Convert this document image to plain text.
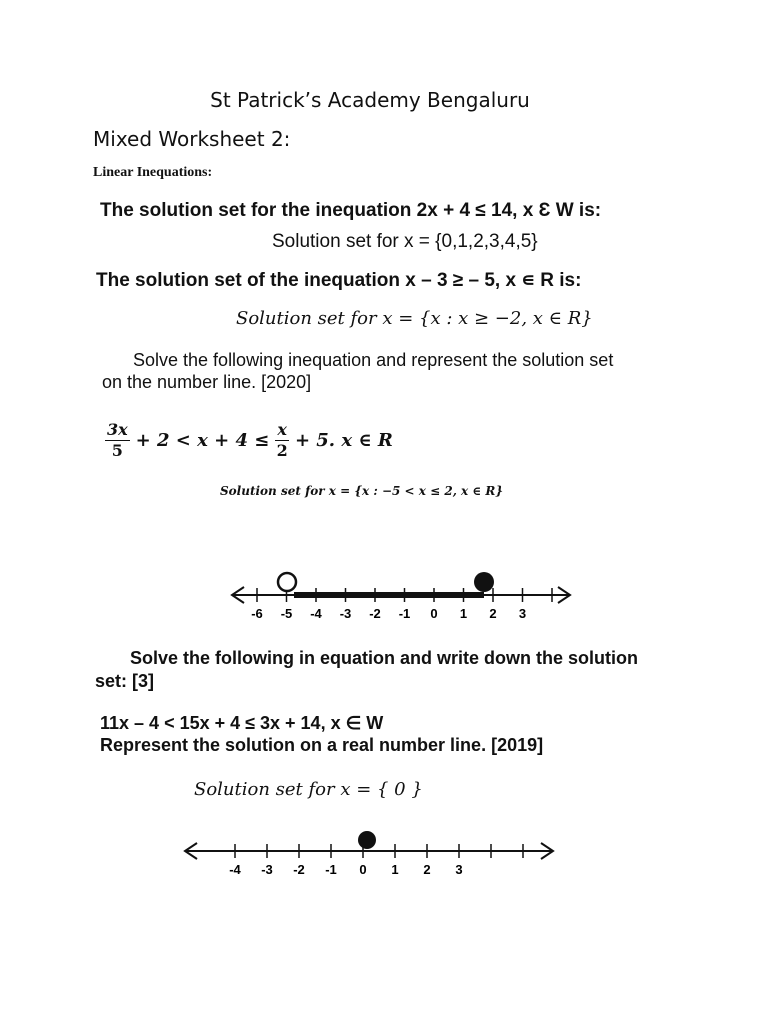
St Patrick’s Academy Bengaluru
Mixed Worksheet 2:
Linear Inequations:
The solution set for the inequation 2x + 4 ≤ 14, x Ɛ W is:
Solution set for x = {0,1,2,3,4,5}
The solution set of the inequation x – 3 ≥ – 5, x ∊ R is:
Solution set for x = {x : x ≥ −2, x ∈ R}
Solve the following inequation and represent the solution set
on the number line. [2020]
$\frac{3x}{5} + 2 < x + 4 \le \frac{x}{2} + 5$. x ∈ R
Solution set for x = {x : −5 < x ≤ 2, x ∈ R}
-6 -5 -4 -3 -2 -1 0 1 2 3
Solve the following in equation and write down the solution
set: [3]
11x – 4 < 15x + 4 ≤ 3x + 14, x ∈ W
Represent the solution on a real number line. [2019]
Solution set for x = { 0 }
-4 -3 -2 -1 0 1 2 3
